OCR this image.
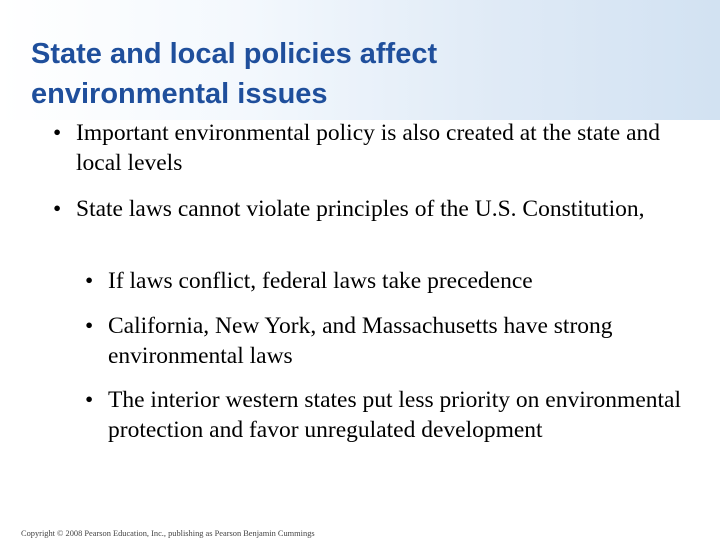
State and local policies affect
environmental issues
• Important environmental policy is also created at the state and local levels
• State laws cannot violate principles of the U.S. Constitution,
• If laws conflict, federal laws take precedence
• California, New York, and Massachusetts have strong environmental laws
• The interior western states put less priority on environmental protection and favor unregulated development
Copyright © 2008 Pearson Education, Inc., publishing as Pearson Benjamin Cummings
